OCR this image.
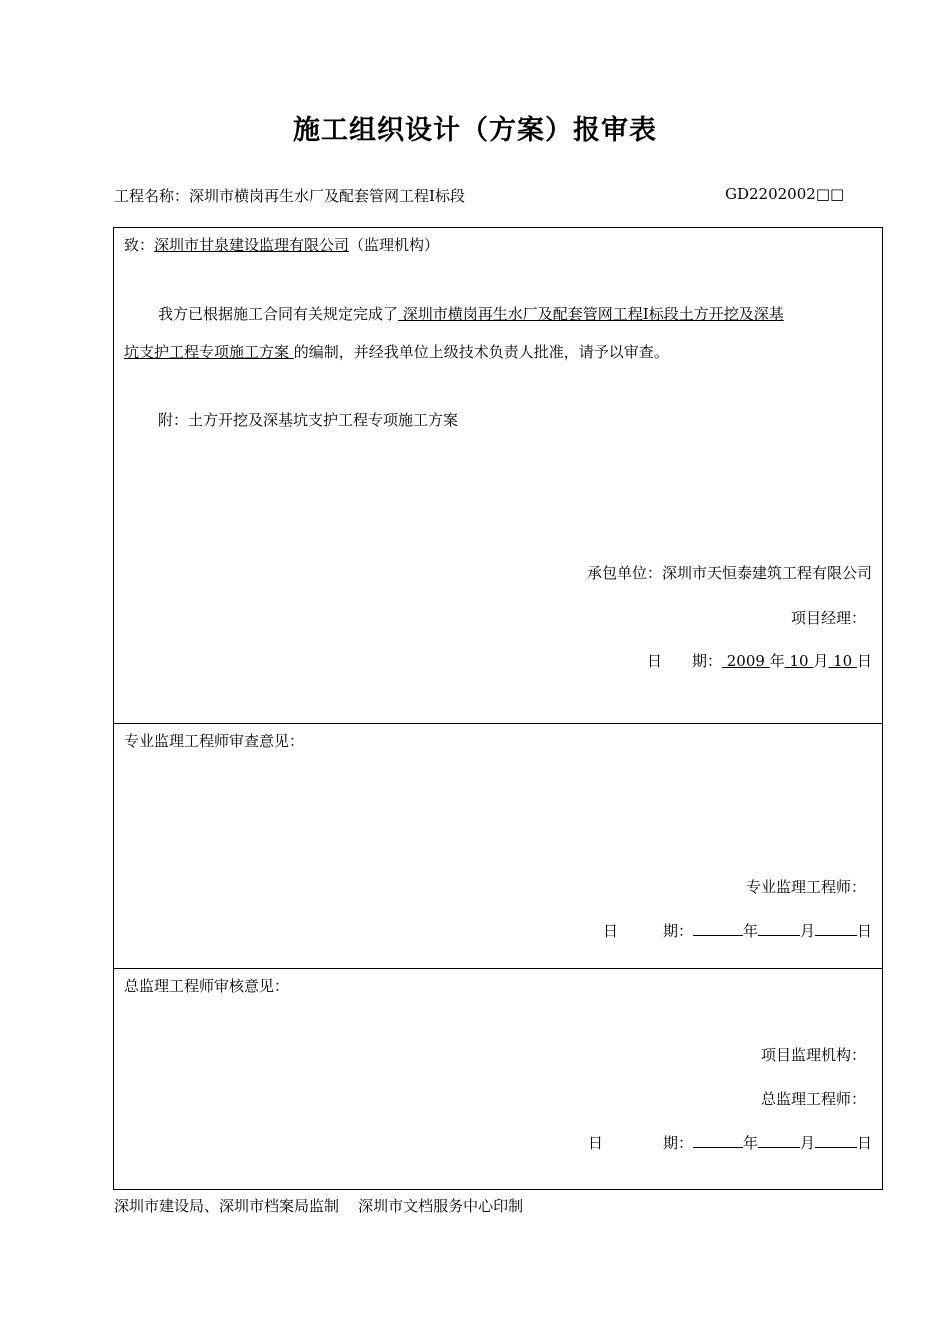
施工组织设计（方案）报审表
工程名称：深圳市横岗再生水厂及配套管网工程Ⅰ标段	GD2202002□□
致：深圳市甘泉建设监理有限公司（监理机构）
我方已根据施工合同有关规定完成了 深圳市横岗再生水厂及配套管网工程Ⅰ标段土方开挖及深基
坑支护工程专项施工方案 的编制，并经我单位上级技术负责人批准，请予以审查。
附：土方开挖及深基坑支护工程专项施工方案
承包单位：深圳市天恒泰建筑工程有限公司
项目经理：
日　　期： 2009 年 10 月 10 日
专业监理工程师审查意见：
专业监理工程师：
日　　　期：	年	月	日
总监理工程师审核意见：
项目监理机构：
总监理工程师：
日　　　　期：	年	月	日
深圳市建设局、深圳市档案局监制 深圳市文档服务中心印制
